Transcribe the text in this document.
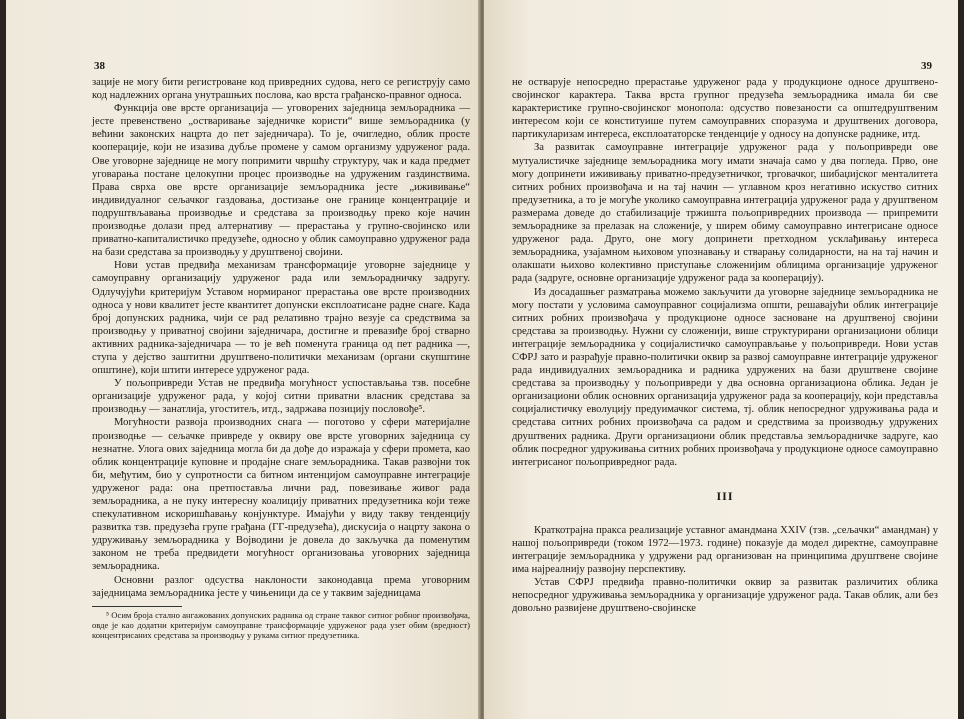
38

зације не могу бити регистроване код привредних судова, него се региструју само код надлежних органа унутрашњих послова, као врста грађанско-правног односа.

Функција ове врсте организација — уговорених заједница земљорадника — јесте превенствено „остваривање заједничке користи“ више земљорадника (у већини законских нацрта до пет заједничара). То је, очигледно, облик просте кооперације, који не изазива дубље промене у самом организму удруженог рада. Ове уговорне заједнице не могу попримити чвршћу структуру, чак и када предмет уговарања постане целокупни процес производње на удруженим газдинствима. Права сврха ове врсте организације земљорадника јесте „ижививање“ индивидуалног сељачког газдовања, достизање оне границе концентрације и подруштвљавања производње и средстава за производњу преко које начин производње долази пред алтернативу — прерастања у групно-својинско или приватно-капиталистичко предузеће, односно у облик самоуправно удруженог рада на бази средстава за производњу у друштвеној својини.

Нови устав предвиђа механизам трансформације уговорне заједнице у самоуправну организацију удруженог рада или земљорадничку задругу. Одлучујући критеријум Уставом нормираног прерастања ове врсте производних односа у нови квалитет јесте квантитет допунски експлоатисане радне снаге. Када број допунских радника, чији се рад релативно трајно везује са средствима за производњу у приватној својини заједничара, достигне и превазиђе број стварно активних радника-заједничара — то је већ поменута граница од пет радника —, ступа у дејство заштитни друштвено-политички механизам (органи скупштине општине), који штити интересе удруженог рада.

У пољопривреди Устав не предвиђа могућност успостављања тзв. посебне организације удруженог рада, у којој ситни приватни власник средстава за производњу — занатлија, угоститељ, итд., задржава позицију пословође⁵.

Могућности развоја производних снага — поготово у сфери материјалне производње — сељачке привреде у оквиру ове врсте уговорних заједница су незнатне. Улога ових заједница могла би да дође до изражаја у сфери промета, као облик концентрације куповне и продајне снаге земљорадника. Такав развојни ток би, међутим, био у супротности са битном интенцијом самоуправне интеграције удруженог рада: она претпоставља лични рад, повезивање живог рада земљорадника, а не пуку интересну коалицију приватних предузетника који теже спекулативном искоришћавању конјунктуре. Имајући у виду такву тенденцију развитка тзв. предузећа групе грађана (ГГ-предузећа), дискусија о нацрту закона о удруживању земљорадника у Војводини је довела до закључка да поменутим законом не треба предвидети могућност организовања уговорних заједница земљорадника.

Основни разлог одсуства наклоности законодавца према уговорним заједницама земљорадника јесте у чињеници да се у таквим заједницама

⁵ Осим броја стално ангажованих допунских радника од стране таквог ситног робног произвођача, овде је као додатни критеријум самоуправне трансформације удруженог рада узет обим (вредност) концентрисаних средстава за производњу у рукама ситног предузетника.

39

не остварује непосредно прерастање удруженог рада у продукционе односе друштвено-својинског карактера. Таква врста групног предузећа земљорадника имала би све карактеристике групно-својинског монопола: одсуство повезаности са општедруштвеним интересом који се конституише путем самоуправних споразума и друштвених договора, партикуларизам интереса, експлоататорске тенденције у односу на допунске раднике, итд.

За развитак самоуправне интеграције удруженог рада у пољопривреди ове мутуалистичке заједнице земљорадника могу имати значаја само у два погледа. Прво, оне могу допринети ижививању приватно-предузетничког, трговачког, шибаџијског менталитета ситних робних произвођача и на тај начин — углавном кроз негативно искуство ситних предузетника, а то је могуће уколико самоуправна интеграција удруженог рада у друштвеном размерама доведе до стабилизације тржишта пољопривредних производа — припремити земљораднике за прелазак на сложеније, у ширем обиму самоуправно интегрисане односе удруженог рада. Друго, оне могу допринети претходном усклађивању интереса земљорадника, узајамном њиховом упознавању и стварању солидарности, на на тај начин и олакшати њихово колективно приступање сложенијим облицима организације удруженог рада (задруге, основне организације удруженог рада за кооперацију).

Из досадашњег разматрања можемо закључити да уговорне заједнице земљорадника не могу постати у условима самоуправног социјализма општи, решавајући облик интеграције ситних робних произвођача у продукционе односе засноване на друштвеној својини средстава за производњу. Нужни су сложенији, више структурирани организациони облици интеграције земљорадника у социјалистичко самоуправљање у пољопривреди. Нови устав СФРЈ зато и разрађује правно-политички оквир за развој самоуправне интеграције удруженог рада индивидуалних земљорадника и радника удружених на бази друштвене својине средстава за производњу у пољопривреди у два основна организациона облика. Један је организациони облик основних организација удруженог рада за кооперацију, који представља социјалистичку еволуцију предуимачког система, тј. облик непосредног удруживања рада и средстава ситних робних произвођача са радом и средствима за производњу удружених друштвених радника. Други организациони облик представља земљорадничке задруге, као облик посредног удруживања ситних робних произвођача у продукционе односе самоуправно интегрисаног пољопривредног рада.

III

Краткотрајна пракса реализације уставног амандмана XXIV (тзв. „сељачки“ амандман) у нашој пољопривреди (током 1972—1973. године) показује да модел директне, самоуправне интеграције земљорадника у удружени рад организован на принципима друштвене својине има најреалнију развојну перспективу.

Устав СФРЈ предвиђа правно-политички оквир за развитак различитих облика непосредног удруживања земљорадника у организације удруженог рада. Такав облик, али без довољно развијене друштвено-својинске
